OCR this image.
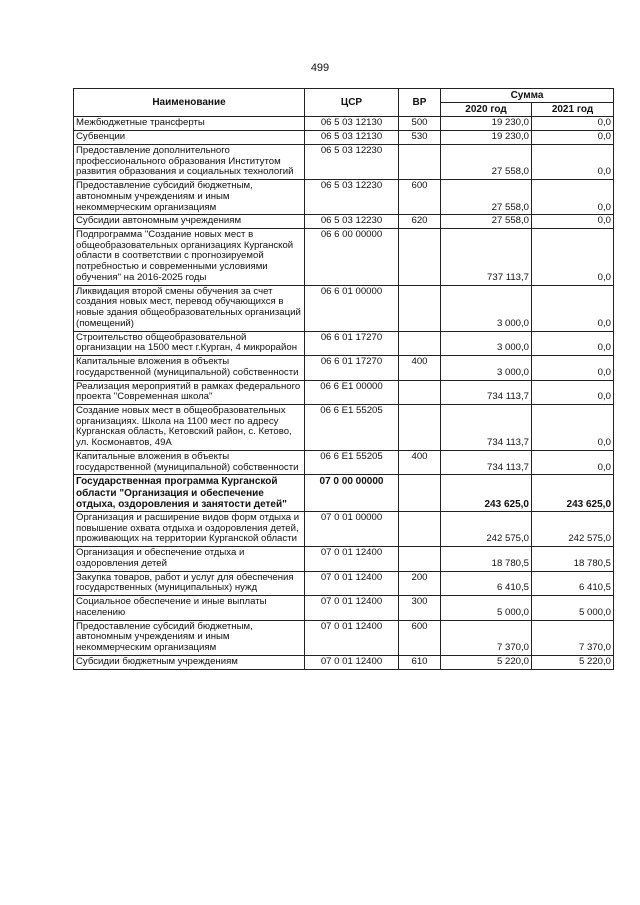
499
Наименование	ЦСР	ВР	Сумма	
			2020 год	2021 год
Межбюджетные трансферты	06 5 03 12130	500	19 230,0	0,0
Субвенции	06 5 03 12130	530	19 230,0	0,0
Предоставление дополнительного профессионального образования Институтом развития образования и социальных технологий	06 5 03 12230		27 558,0	0,0
Предоставление субсидий бюджетным, автономным учреждениям и иным некоммерческим организациям	06 5 03 12230	600	27 558,0	0,0
Субсидии автономным учреждениям	06 5 03 12230	620	27 558,0	0,0
Подпрограмма "Создание новых мест в общеобразовательных организациях Курганской области в соответствии с прогнозируемой потребностью и современными условиями обучения" на 2016-2025 годы	06 6 00 00000		737 113,7	0,0
Ликвидация второй смены обучения за счет создания новых мест, перевод обучающихся в новые здания общеобразовательных организаций (помещений)	06 6 01 00000		3 000,0	0,0
Строительство общеобразовательной организации на 1500 мест г.Курган, 4 микрорайон	06 6 01 17270		3 000,0	0,0
Капитальные вложения в объекты государственной (муниципальной) собственности	06 6 01 17270	400	3 000,0	0,0
Реализация мероприятий в рамках федерального проекта "Современная школа"	06 6 E1 00000		734 113,7	0,0
Создание новых мест в общеобразовательных организациях. Школа на 1100 мест по адресу Курганская область, Кетовский район, с. Кетово, ул. Космонавтов, 49А	06 6 E1 55205		734 113,7	0,0
Капитальные вложения в объекты государственной (муниципальной) собственности	06 6 E1 55205	400	734 113,7	0,0
Государственная программа Курганской области "Организация и обеспечение отдыха, оздоровления и занятости детей"	07 0 00 00000		243 625,0	243 625,0
Организация и расширение видов форм отдыха и повышение охвата отдыха и оздоровления детей, проживающих на территории Курганской области	07 0 01 00000		242 575,0	242 575,0
Организация и обеспечение отдыха и оздоровления детей	07 0 01 12400		18 780,5	18 780,5
Закупка товаров, работ и услуг для обеспечения государственных (муниципальных) нужд	07 0 01 12400	200	6 410,5	6 410,5
Социальное обеспечение и иные выплаты населению	07 0 01 12400	300	5 000,0	5 000,0
Предоставление субсидий бюджетным, автономным учреждениям и иным некоммерческим организациям	07 0 01 12400	600	7 370,0	7 370,0
Субсидии бюджетным учреждениям	07 0 01 12400	610	5 220,0	5 220,0
